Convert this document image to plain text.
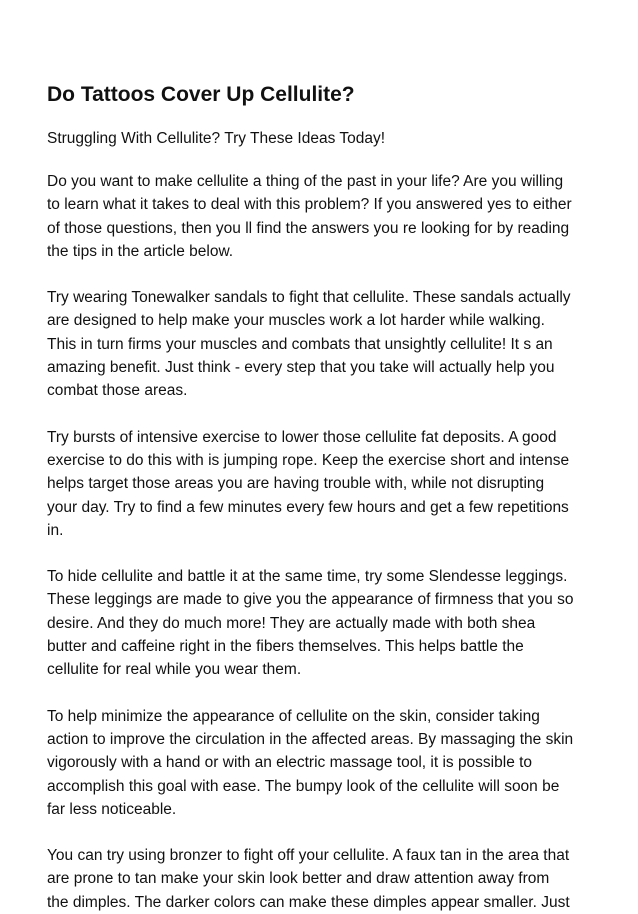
Do Tattoos Cover Up Cellulite?

Struggling With Cellulite? Try These Ideas Today!

Do you want to make cellulite a thing of the past in your life? Are you willing
to learn what it takes to deal with this problem? If you answered yes to either
of those questions, then you ll find the answers you re looking for by reading
the tips in the article below.

Try wearing Tonewalker sandals to fight that cellulite. These sandals actually
are designed to help make your muscles work a lot harder while walking.
This in turn firms your muscles and combats that unsightly cellulite! It s an
amazing benefit. Just think - every step that you take will actually help you
combat those areas.

Try bursts of intensive exercise to lower those cellulite fat deposits. A good
exercise to do this with is jumping rope. Keep the exercise short and intense
helps target those areas you are having trouble with, while not disrupting
your day. Try to find a few minutes every few hours and get a few repetitions
in.

To hide cellulite and battle it at the same time, try some Slendesse leggings.
These leggings are made to give you the appearance of firmness that you so
desire. And they do much more! They are actually made with both shea
butter and caffeine right in the fibers themselves. This helps battle the
cellulite for real while you wear them.

To help minimize the appearance of cellulite on the skin, consider taking
action to improve the circulation in the affected areas. By massaging the skin
vigorously with a hand or with an electric massage tool, it is possible to
accomplish this goal with ease. The bumpy look of the cellulite will soon be
far less noticeable.

You can try using bronzer to fight off your cellulite. A faux tan in the area that
are prone to tan make your skin look better and draw attention away from
the dimples. The darker colors can make these dimples appear smaller. Just
